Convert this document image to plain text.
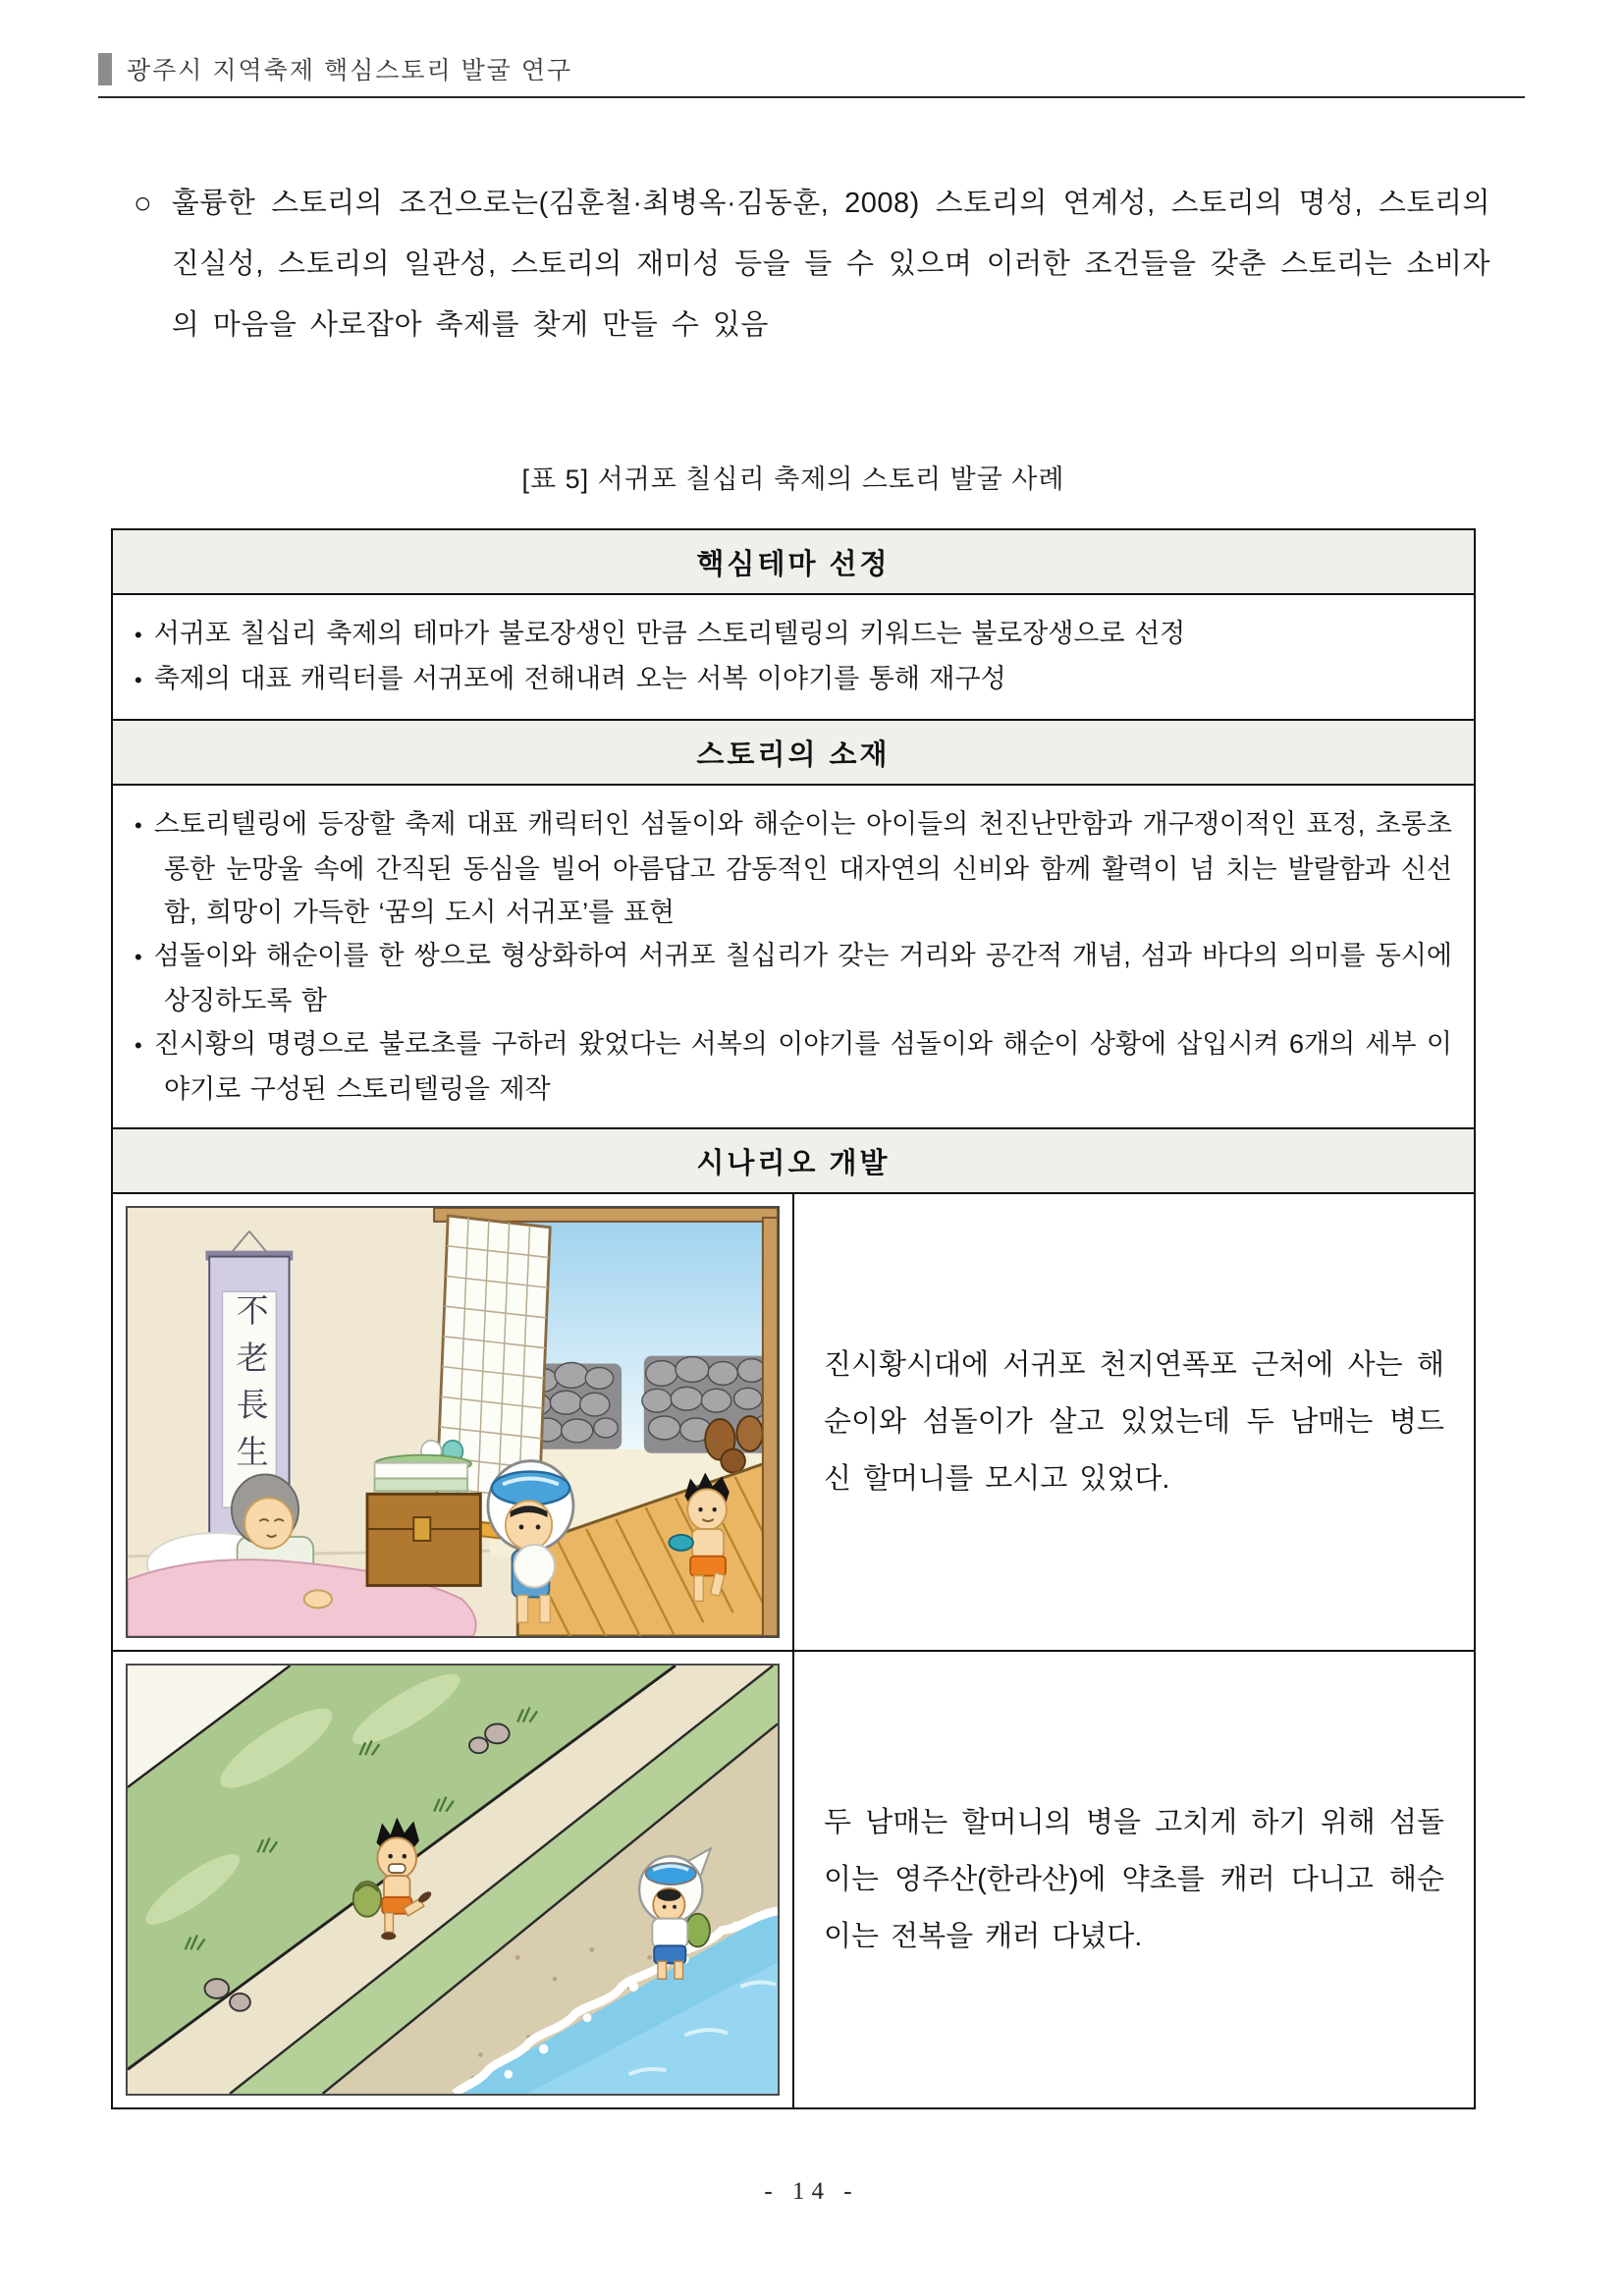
광주시 지역축제 핵심스토리 발굴 연구
○ 훌륭한 스토리의 조건으로는(김훈철·최병옥·김동훈, 2008) 스토리의 연계성, 스토리의 명성, 스토리의 진실성, 스토리의 일관성, 스토리의 재미성 등을 들 수 있으며 이러한 조건들을 갖춘 스토리는 소비자의 마음을 사로잡아 축제를 찾게 만들 수 있음

[표 5] 서귀포 칠십리 축제의 스토리 발굴 사례
핵심테마 선정	

• 서귀포 칠십리 축제의 테마가 불로장생인 만큼 스토리텔링의 키워드는 불로장생으로 선정
• 축제의 대표 캐릭터를 서귀포에 전해내려 오는 서복 이야기를 통해 재구성

스토리의 소재	

• 스토리텔링에 등장할 축제 대표 캐릭터인 섬돌이와 해순이는 아이들의 천진난만함과 개구쟁이적인 표정, 초롱초롱한 눈망울 속에 간직된 동심을 빌어 아름답고 감동적인 대자연의 신비와 함께 활력이 넘 치는 발랄함과 신선함, 희망이 가득한 ‘꿈의 도시 서귀포’를 표현
• 섬돌이와 해순이를 한 쌍으로 형상화하여 서귀포 칠십리가 갖는 거리와 공간적 개념, 섬과 바다의 의미를 동시에 상징하도록 함
• 진시황의 명령으로 불로초를 구하러 왔었다는 서복의 이야기를 섬돌이와 해순이 상황에 삽입시켜 6개의 세부 이야기로 구성된 스토리텔링을 제작

시나리오 개발	

不老長生	진시황시대에 서귀포 천지연폭포 근처에 사는 해순이와 섬돌이가 살고 있었는데 두 남매는 병드신 할머니를 모시고 있었다.

	두 남매는 할머니의 병을 고치게 하기 위해 섬돌이는 영주산(한라산)에 약초를 캐러 다니고 해순이는 전복을 캐러 다녔다.
- 14 -
